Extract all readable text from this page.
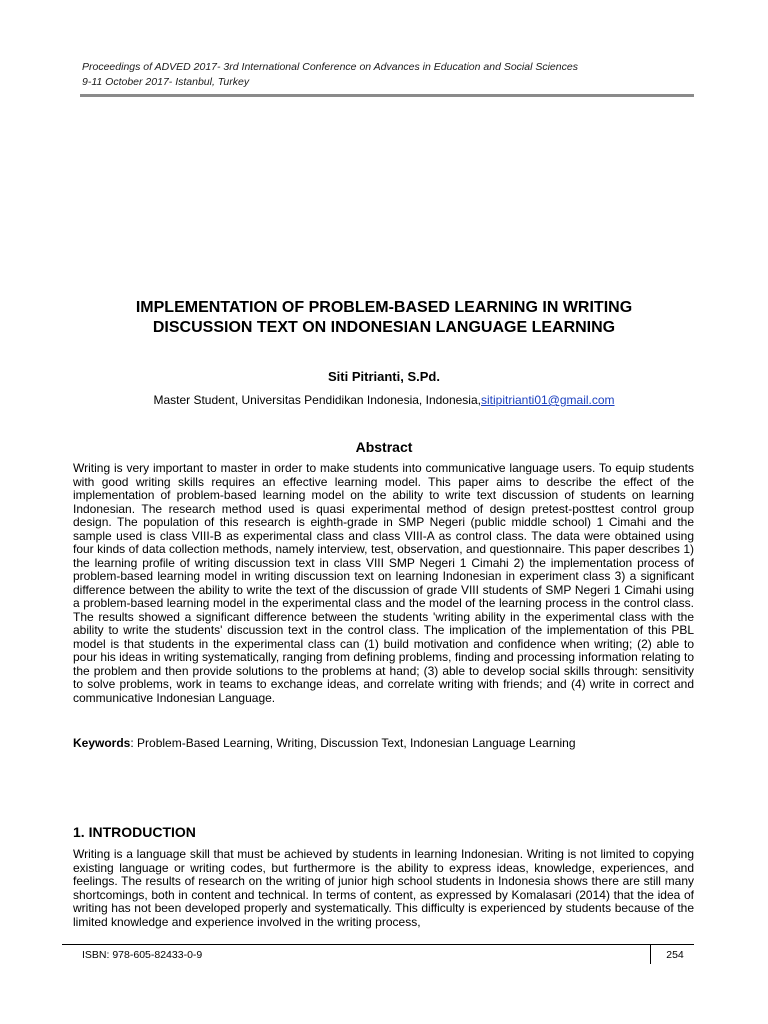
Proceedings of ADVED 2017- 3rd International Conference on Advances in Education and Social Sciences
9-11 October 2017- Istanbul, Turkey
IMPLEMENTATION OF PROBLEM-BASED LEARNING IN WRITING
DISCUSSION TEXT ON INDONESIAN LANGUAGE LEARNING
Siti Pitrianti, S.Pd.
Master Student, Universitas Pendidikan Indonesia, Indonesia,sitipitrianti01@gmail.com
Abstract

Writing is very important to master in order to make students into communicative language users. To equip students with good writing skills requires an effective learning model. This paper aims to describe the effect of the implementation of problem-based learning model on the ability to write text discussion of students on learning Indonesian. The research method used is quasi experimental method of design pretest-posttest control group design. The population of this research is eighth-grade in SMP Negeri (public middle school) 1 Cimahi and the sample used is class VIII-B as experimental class and class VIII-A as control class. The data were obtained using four kinds of data collection methods, namely interview, test, observation, and questionnaire. This paper describes 1) the learning profile of writing discussion text in class VIII SMP Negeri 1 Cimahi 2) the implementation process of problem-based learning model in writing discussion text on learning Indonesian in experiment class 3) a significant difference between the ability to write the text of the discussion of grade VIII students of SMP Negeri 1 Cimahi using a problem-based learning model in the experimental class and the model of the learning process in the control class. The results showed a significant difference between the students 'writing ability in the experimental class with the ability to write the students' discussion text in the control class. The implication of the implementation of this PBL model is that students in the experimental class can (1) build motivation and confidence when writing; (2) able to pour his ideas in writing systematically, ranging from defining problems, finding and processing information relating to the problem and then provide solutions to the problems at hand; (3) able to develop social skills through: sensitivity to solve problems, work in teams to exchange ideas, and correlate writing with friends; and (4) write in correct and communicative Indonesian Language.

Keywords: Problem-Based Learning, Writing, Discussion Text, Indonesian Language Learning

1. INTRODUCTION

Writing is a language skill that must be achieved by students in learning Indonesian. Writing is not limited to copying existing language or writing codes, but furthermore is the ability to express ideas, knowledge, experiences, and feelings. The results of research on the writing of junior high school students in Indonesia shows there are still many shortcomings, both in content and technical. In terms of content, as expressed by Komalasari (2014) that the idea of writing has not been developed properly and systematically. This difficulty is experienced by students because of the limited knowledge and experience involved in the writing process,

ISBN: 978-605-82433-0-9	254
